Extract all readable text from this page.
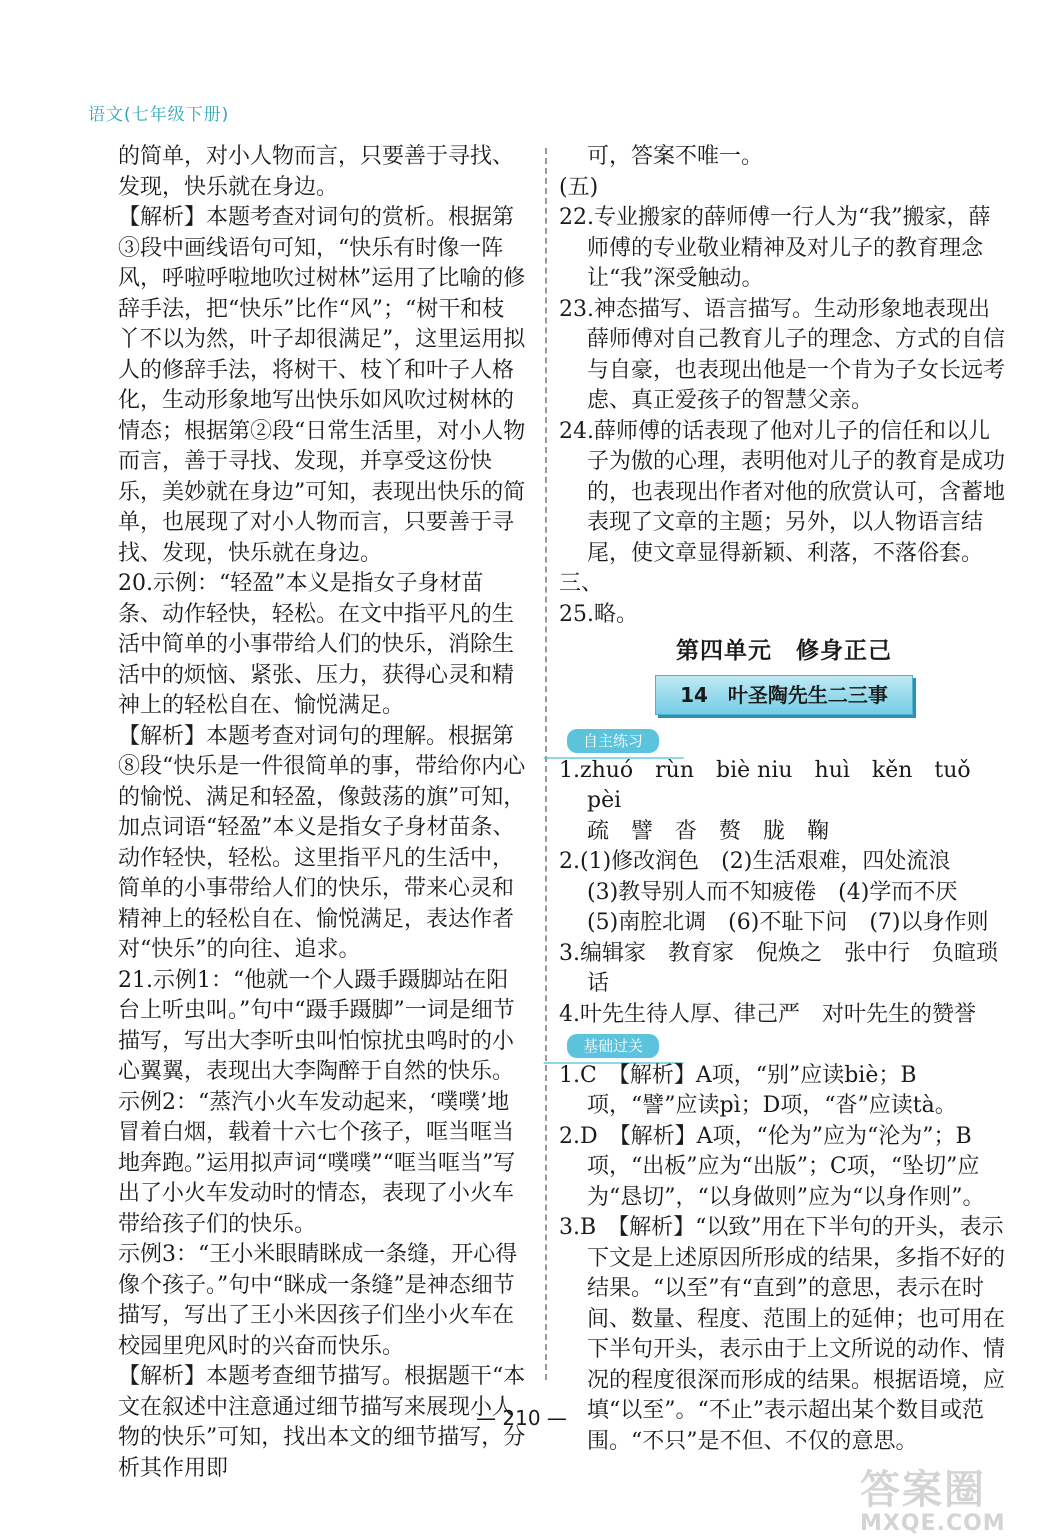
语文(七年级下册)

的简单，对小人物而言，只要善于寻找、发现，快乐就在身边。

【解析】本题考查对词句的赏析。根据第③段中画线语句可知，“快乐有时像一阵风，呼啦呼啦地吹过树林”运用了比喻的修辞手法，把“快乐”比作“风”；“树干和枝丫不以为然，叶子却很满足”，这里运用拟人的修辞手法，将树干、枝丫和叶子人格化，生动形象地写出快乐如风吹过树林的情态；根据第②段“日常生活里，对小人物而言，善于寻找、发现，并享受这份快乐，美妙就在身边”可知，表现出快乐的简单，也展现了对小人物而言，只要善于寻找、发现，快乐就在身边。

20.示例：“轻盈”本义是指女子身材苗条、动作轻快，轻松。在文中指平凡的生活中简单的小事带给人们的快乐，消除生活中的烦恼、紧张、压力，获得心灵和精神上的轻松自在、愉悦满足。

【解析】本题考查对词句的理解。根据第⑧段“快乐是一件很简单的事，带给你内心的愉悦、满足和轻盈，像鼓荡的旗”可知，加点词语“轻盈”本义是指女子身材苗条、动作轻快，轻松。这里指平凡的生活中，简单的小事带给人们的快乐，带来心灵和精神上的轻松自在、愉悦满足，表达作者对“快乐”的向往、追求。

21.示例1：“他就一个人蹑手蹑脚站在阳台上听虫叫。”句中“蹑手蹑脚”一词是细节描写，写出大李听虫叫怕惊扰虫鸣时的小心翼翼，表现出大李陶醉于自然的快乐。

示例2：“蒸汽小火车发动起来，‘噗噗’地冒着白烟，载着十六七个孩子，哐当哐当地奔跑。”运用拟声词“噗噗”“哐当哐当”写出了小火车发动时的情态，表现了小火车带给孩子们的快乐。

示例3：“王小米眼睛眯成一条缝，开心得像个孩子。”句中“眯成一条缝”是神态细节描写，写出了王小米因孩子们坐小火车在校园里兜风时的兴奋而快乐。

【解析】本题考查细节描写。根据题干“本文在叙述中注意通过细节描写来展现小人物的快乐”可知，找出本文的细节描写，分析其作用即

可，答案不唯一。

(五)

22.专业搬家的薛师傅一行人为“我”搬家，薛师傅的专业敬业精神及对儿子的教育理念让“我”深受触动。

23.神态描写、语言描写。生动形象地表现出薛师傅对自己教育儿子的理念、方式的自信与自豪，也表现出他是一个肯为子女长远考虑、真正爱孩子的智慧父亲。

24.薛师傅的话表现了他对儿子的信任和以儿子为傲的心理，表明他对儿子的教育是成功的，也表现出作者对他的欣赏认可，含蓄地表现了文章的主题；另外，以人物语言结尾，使文章显得新颖、利落，不落俗套。

三、

25.略。

第四单元　修身正己

14　叶圣陶先生二三事
自主练习

1.zhuó　rùn　biè niu　huì　kěn　tuǒ　pèi

疏　譬　沓　赘　胧　鞠

2.(1)修改润色　(2)生活艰难，四处流浪

(3)教导别人而不知疲倦　(4)学而不厌

(5)南腔北调　(6)不耻下问　(7)以身作则

3.编辑家　教育家　倪焕之　张中行　负暄琐话

4.叶先生待人厚、律己严　对叶先生的赞誉

基础过关

1.C　【解析】A项，“别”应读biè；B项，“譬”应读pì；D项，“沓”应读tà。

2.D　【解析】A项，“伦为”应为“沦为”；B项，“出板”应为“出版”；C项，“坠切”应为“恳切”，“以身做则”应为“以身作则”。

3.B　【解析】“以致”用在下半句的开头，表示下文是上述原因所形成的结果，多指不好的结果。“以至”有“直到”的意思，表示在时间、数量、程度、范围上的延伸；也可用在下半句开头，表示由于上文所说的动作、情况的程度很深而形成的结果。根据语境，应填“以至”。“不止”表示超出某个数目或范围。“不只”是不但、不仅的意思。

— 210 —
答案圈
MXQE.COM
